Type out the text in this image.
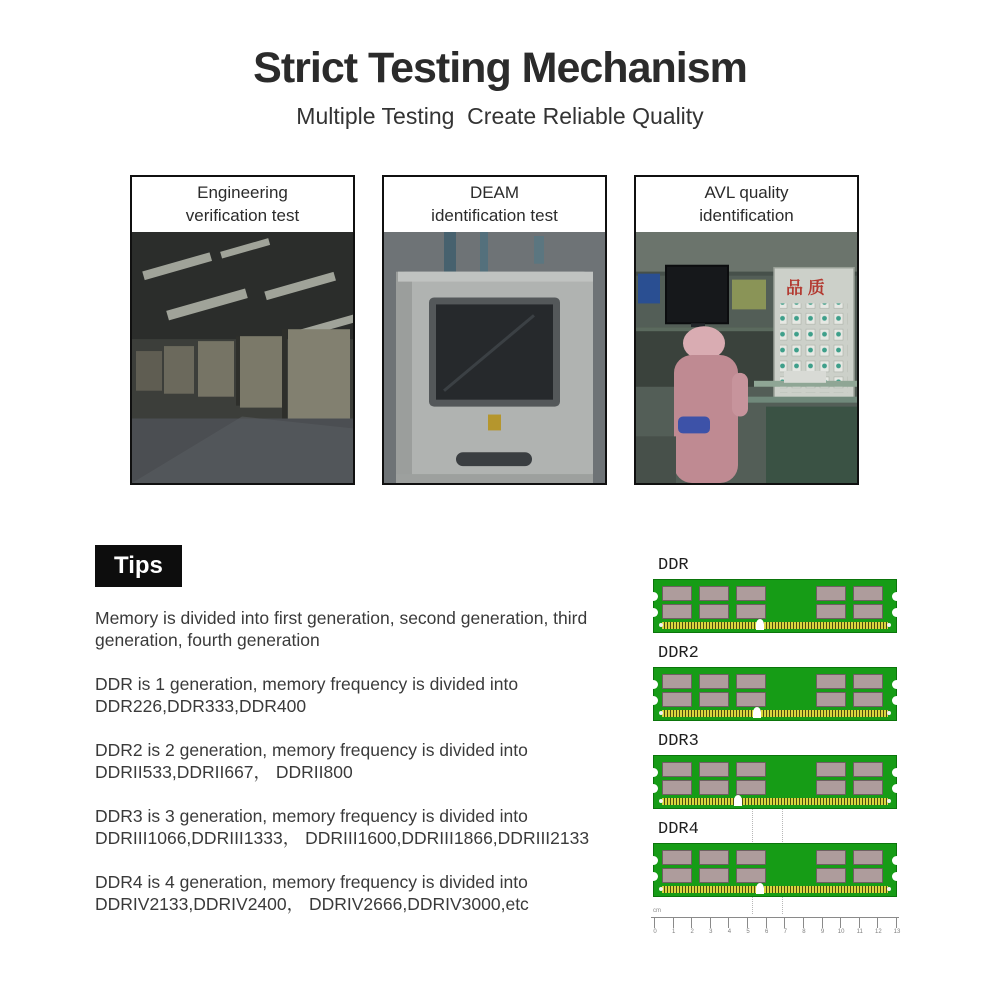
Strict Testing Mechanism
Multiple Testing  Create Reliable Quality
Engineering
verification test
DEAM
identification test
AVL quality
identification
品 质
Tips

Memory is divided into first generation, second generation, third
generation, fourth generation

DDR is 1 generation, memory frequency is divided into
DDR226,DDR333,DDR400

DDR2 is 2 generation, memory frequency is divided into
DDRII533,DDRII667， DDRII800

DDR3 is 3 generation, memory frequency is divided into
DDRIII1066,DDRIII1333， DDRIII1600,DDRIII1866,DDRIII2133

DDR4 is 4 generation, memory frequency is divided into
DDRIV2133,DDRIV2400， DDRIV2666,DDRIV3000,etc

DDR
DDR2
DDR3
DDR4
cm
0	1	2	3	4	5	6	7	8	9	10 11 12 13
